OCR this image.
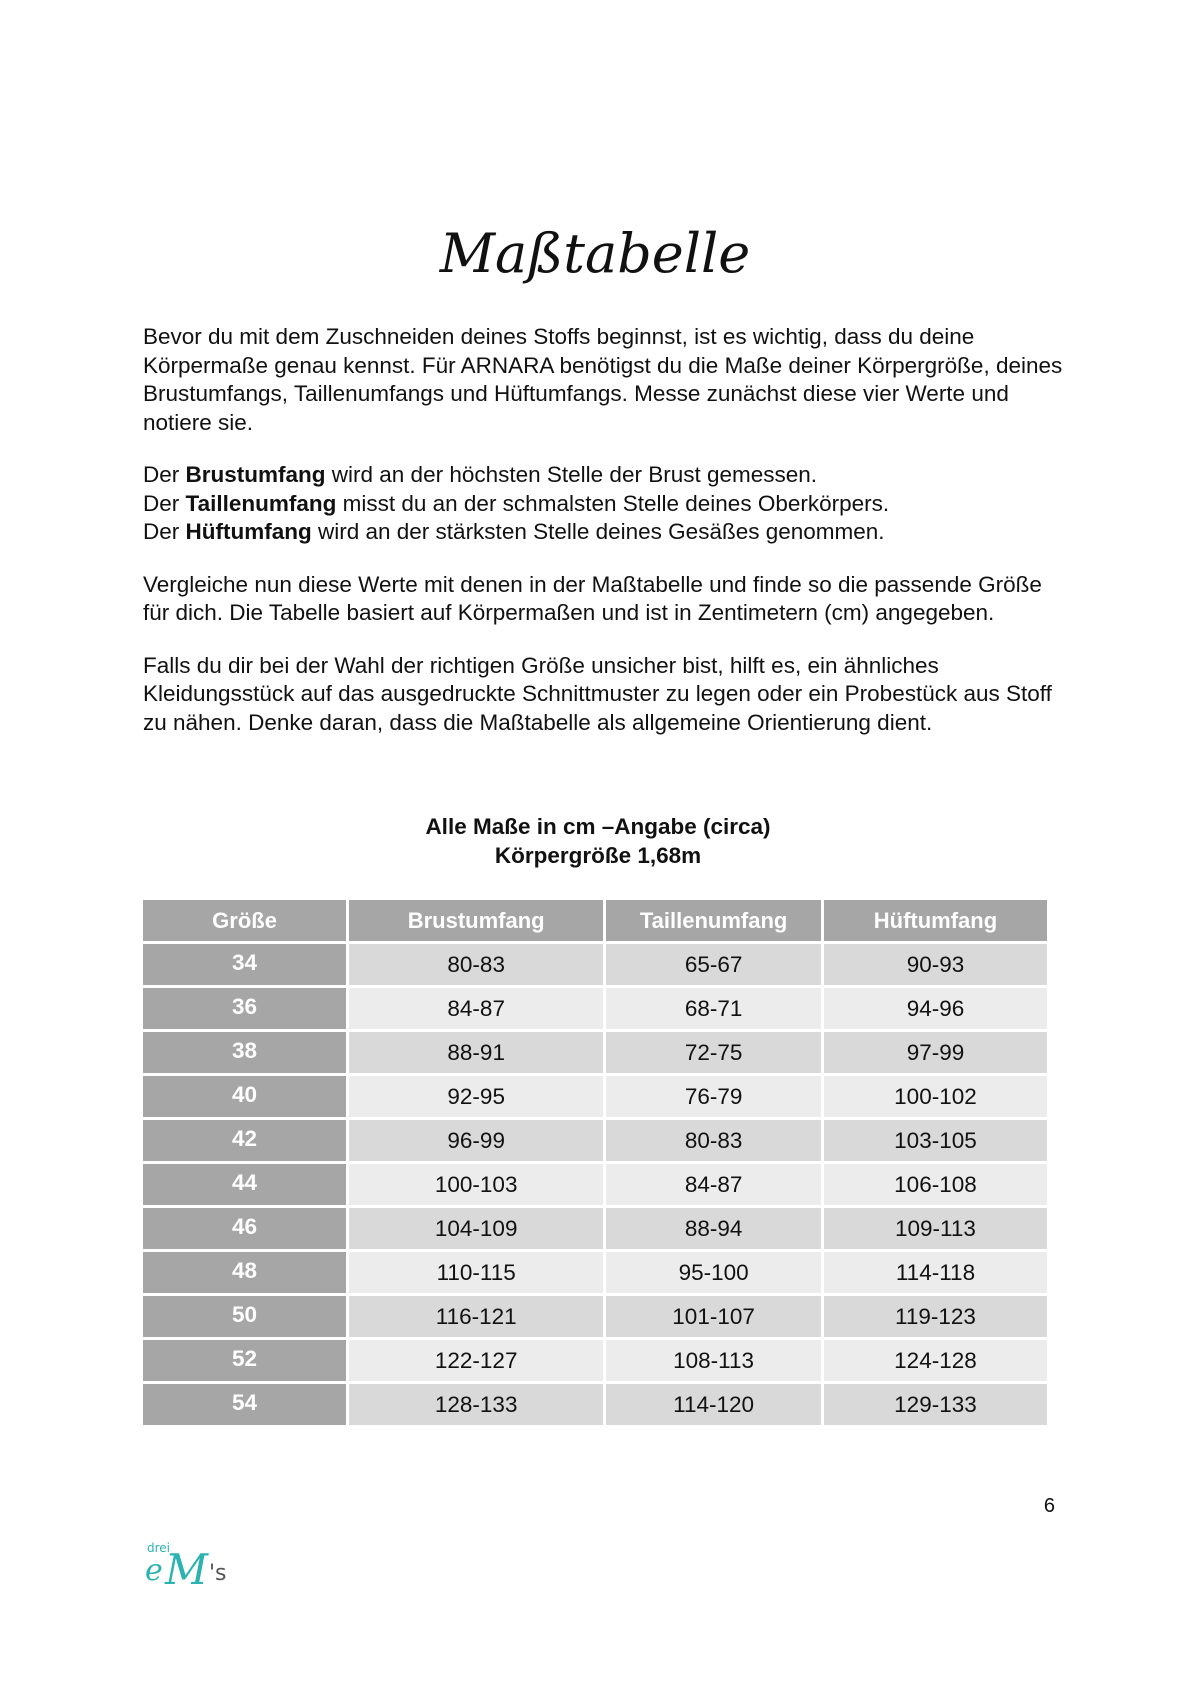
Maßtabelle

Bevor du mit dem Zuschneiden deines Stoffs beginnst, ist es wichtig, dass du deine Körpermaße genau kennst. Für ARNARA benötigst du die Maße deiner Körpergröße, deines Brustumfangs, Taillenumfangs und Hüftumfangs. Messe zunächst diese vier Werte und notiere sie.

Der Brustumfang wird an der höchsten Stelle der Brust gemessen.
Der Taillenumfang misst du an der schmalsten Stelle deines Oberkörpers.
Der Hüftumfang wird an der stärksten Stelle deines Gesäßes genommen.

Vergleiche nun diese Werte mit denen in der Maßtabelle und finde so die passende Größe für dich. Die Tabelle basiert auf Körpermaßen und ist in Zentimetern (cm) angegeben.

Falls du dir bei der Wahl der richtigen Größe unsicher bist, hilft es, ein ähnliches Kleidungsstück auf das ausgedruckte Schnittmuster zu legen oder ein Probestück aus Stoff zu nähen. Denke daran, dass die Maßtabelle als allgemeine Orientierung dient.

Alle Maße in cm –Angabe (circa)
Körpergröße 1,68m
Größe	Brustumfang	Taillenumfang	Hüftumfang
34	80-83	65-67	90-93
36	84-87	68-71	94-96
38	88-91	72-75	97-99
40	92-95	76-79	100-102
42	96-99	80-83	103-105
44	100-103	84-87	106-108
46	104-109	88-94	109-113
48	110-115	95-100	114-118
50	116-121	101-107	119-123
52	122-127	108-113	124-128
54	128-133	114-120	129-133
6
drei
e M 's
